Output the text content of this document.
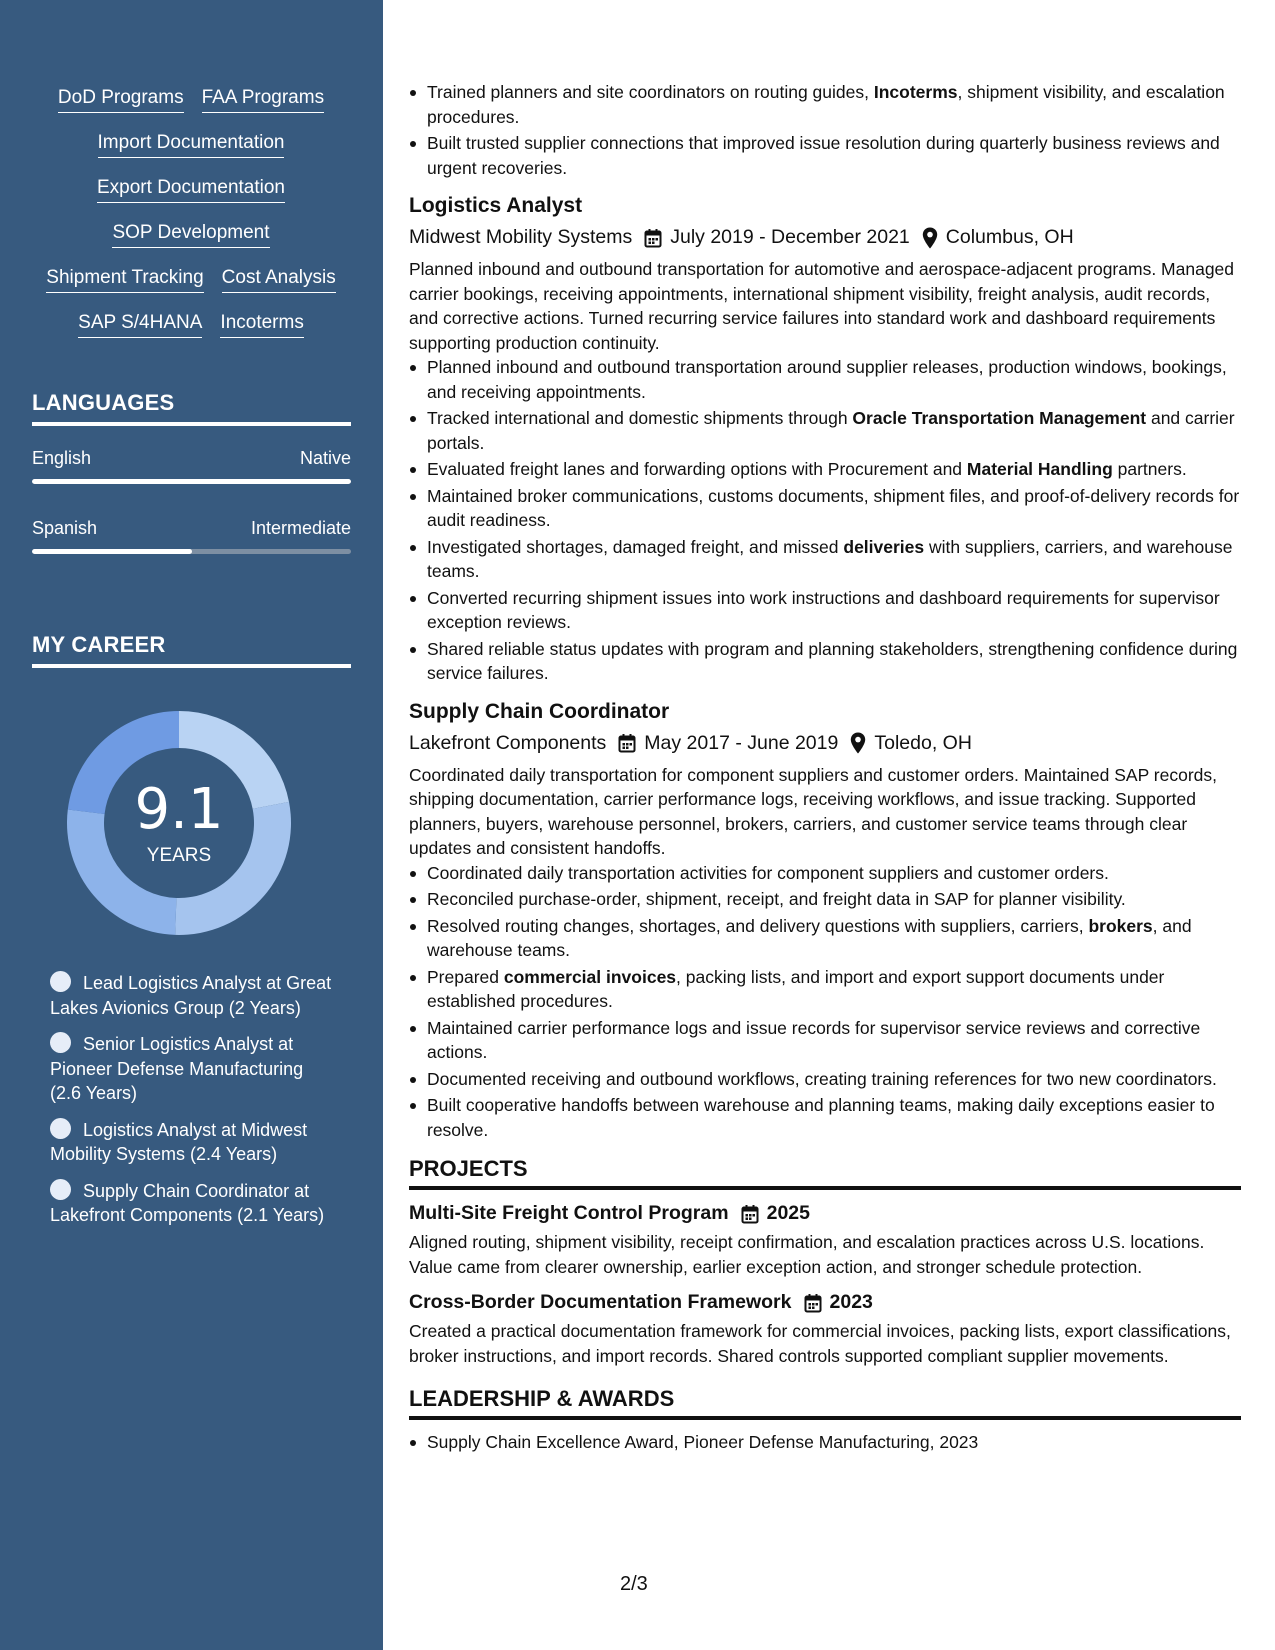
DoD Programs FAA Programs
Import Documentation
Export Documentation
SOP Development
Shipment Tracking Cost Analysis
SAP S/4HANA Incoterms
LANGUAGES
English	Native
Spanish	Intermediate
MY CAREER
9.1
YEARS
Lead Logistics Analyst at Great Lakes Avionics Group (2 Years)
Senior Logistics Analyst at Pioneer Defense Manufacturing (2.6 Years)
Logistics Analyst at Midwest Mobility Systems (2.4 Years)
Supply Chain Coordinator at Lakefront Components (2.1 Years)
Trained planners and site coordinators on routing guides, Incoterms, shipment visibility, and escalation procedures.
Built trusted supplier connections that improved issue resolution during quarterly business reviews and urgent recoveries.
Logistics Analyst
Midwest Mobility Systems July 2019 - December 2021 Columbus, OH
Planned inbound and outbound transportation for automotive and aerospace-adjacent programs. Managed carrier bookings, receiving appointments, international shipment visibility, freight analysis, audit records, and corrective actions. Turned recurring service failures into standard work and dashboard requirements supporting production continuity.
Planned inbound and outbound transportation around supplier releases, production windows, bookings, and receiving appointments.
Tracked international and domestic shipments through Oracle Transportation Management and carrier portals.
Evaluated freight lanes and forwarding options with Procurement and Material Handling partners.
Maintained broker communications, customs documents, shipment files, and proof-of-delivery records for audit readiness.
Investigated shortages, damaged freight, and missed deliveries with suppliers, carriers, and warehouse teams.
Converted recurring shipment issues into work instructions and dashboard requirements for supervisor exception reviews.
Shared reliable status updates with program and planning stakeholders, strengthening confidence during service failures.
Supply Chain Coordinator
Lakefront Components May 2017 - June 2019 Toledo, OH
Coordinated daily transportation for component suppliers and customer orders. Maintained SAP records, shipping documentation, carrier performance logs, receiving workflows, and issue tracking. Supported planners, buyers, warehouse personnel, brokers, carriers, and customer service teams through clear updates and consistent handoffs.
Coordinated daily transportation activities for component suppliers and customer orders.
Reconciled purchase-order, shipment, receipt, and freight data in SAP for planner visibility.
Resolved routing changes, shortages, and delivery questions with suppliers, carriers, brokers, and warehouse teams.
Prepared commercial invoices, packing lists, and import and export support documents under established procedures.
Maintained carrier performance logs and issue records for supervisor service reviews and corrective actions.
Documented receiving and outbound workflows, creating training references for two new coordinators.
Built cooperative handoffs between warehouse and planning teams, making daily exceptions easier to resolve.
PROJECTS
Multi-Site Freight Control Program 2025
Aligned routing, shipment visibility, receipt confirmation, and escalation practices across U.S. locations. Value came from clearer ownership, earlier exception action, and stronger schedule protection.
Cross-Border Documentation Framework 2023
Created a practical documentation framework for commercial invoices, packing lists, export classifications, broker instructions, and import records. Shared controls supported compliant supplier movements.
LEADERSHIP & AWARDS
Supply Chain Excellence Award, Pioneer Defense Manufacturing, 2023
2/3
